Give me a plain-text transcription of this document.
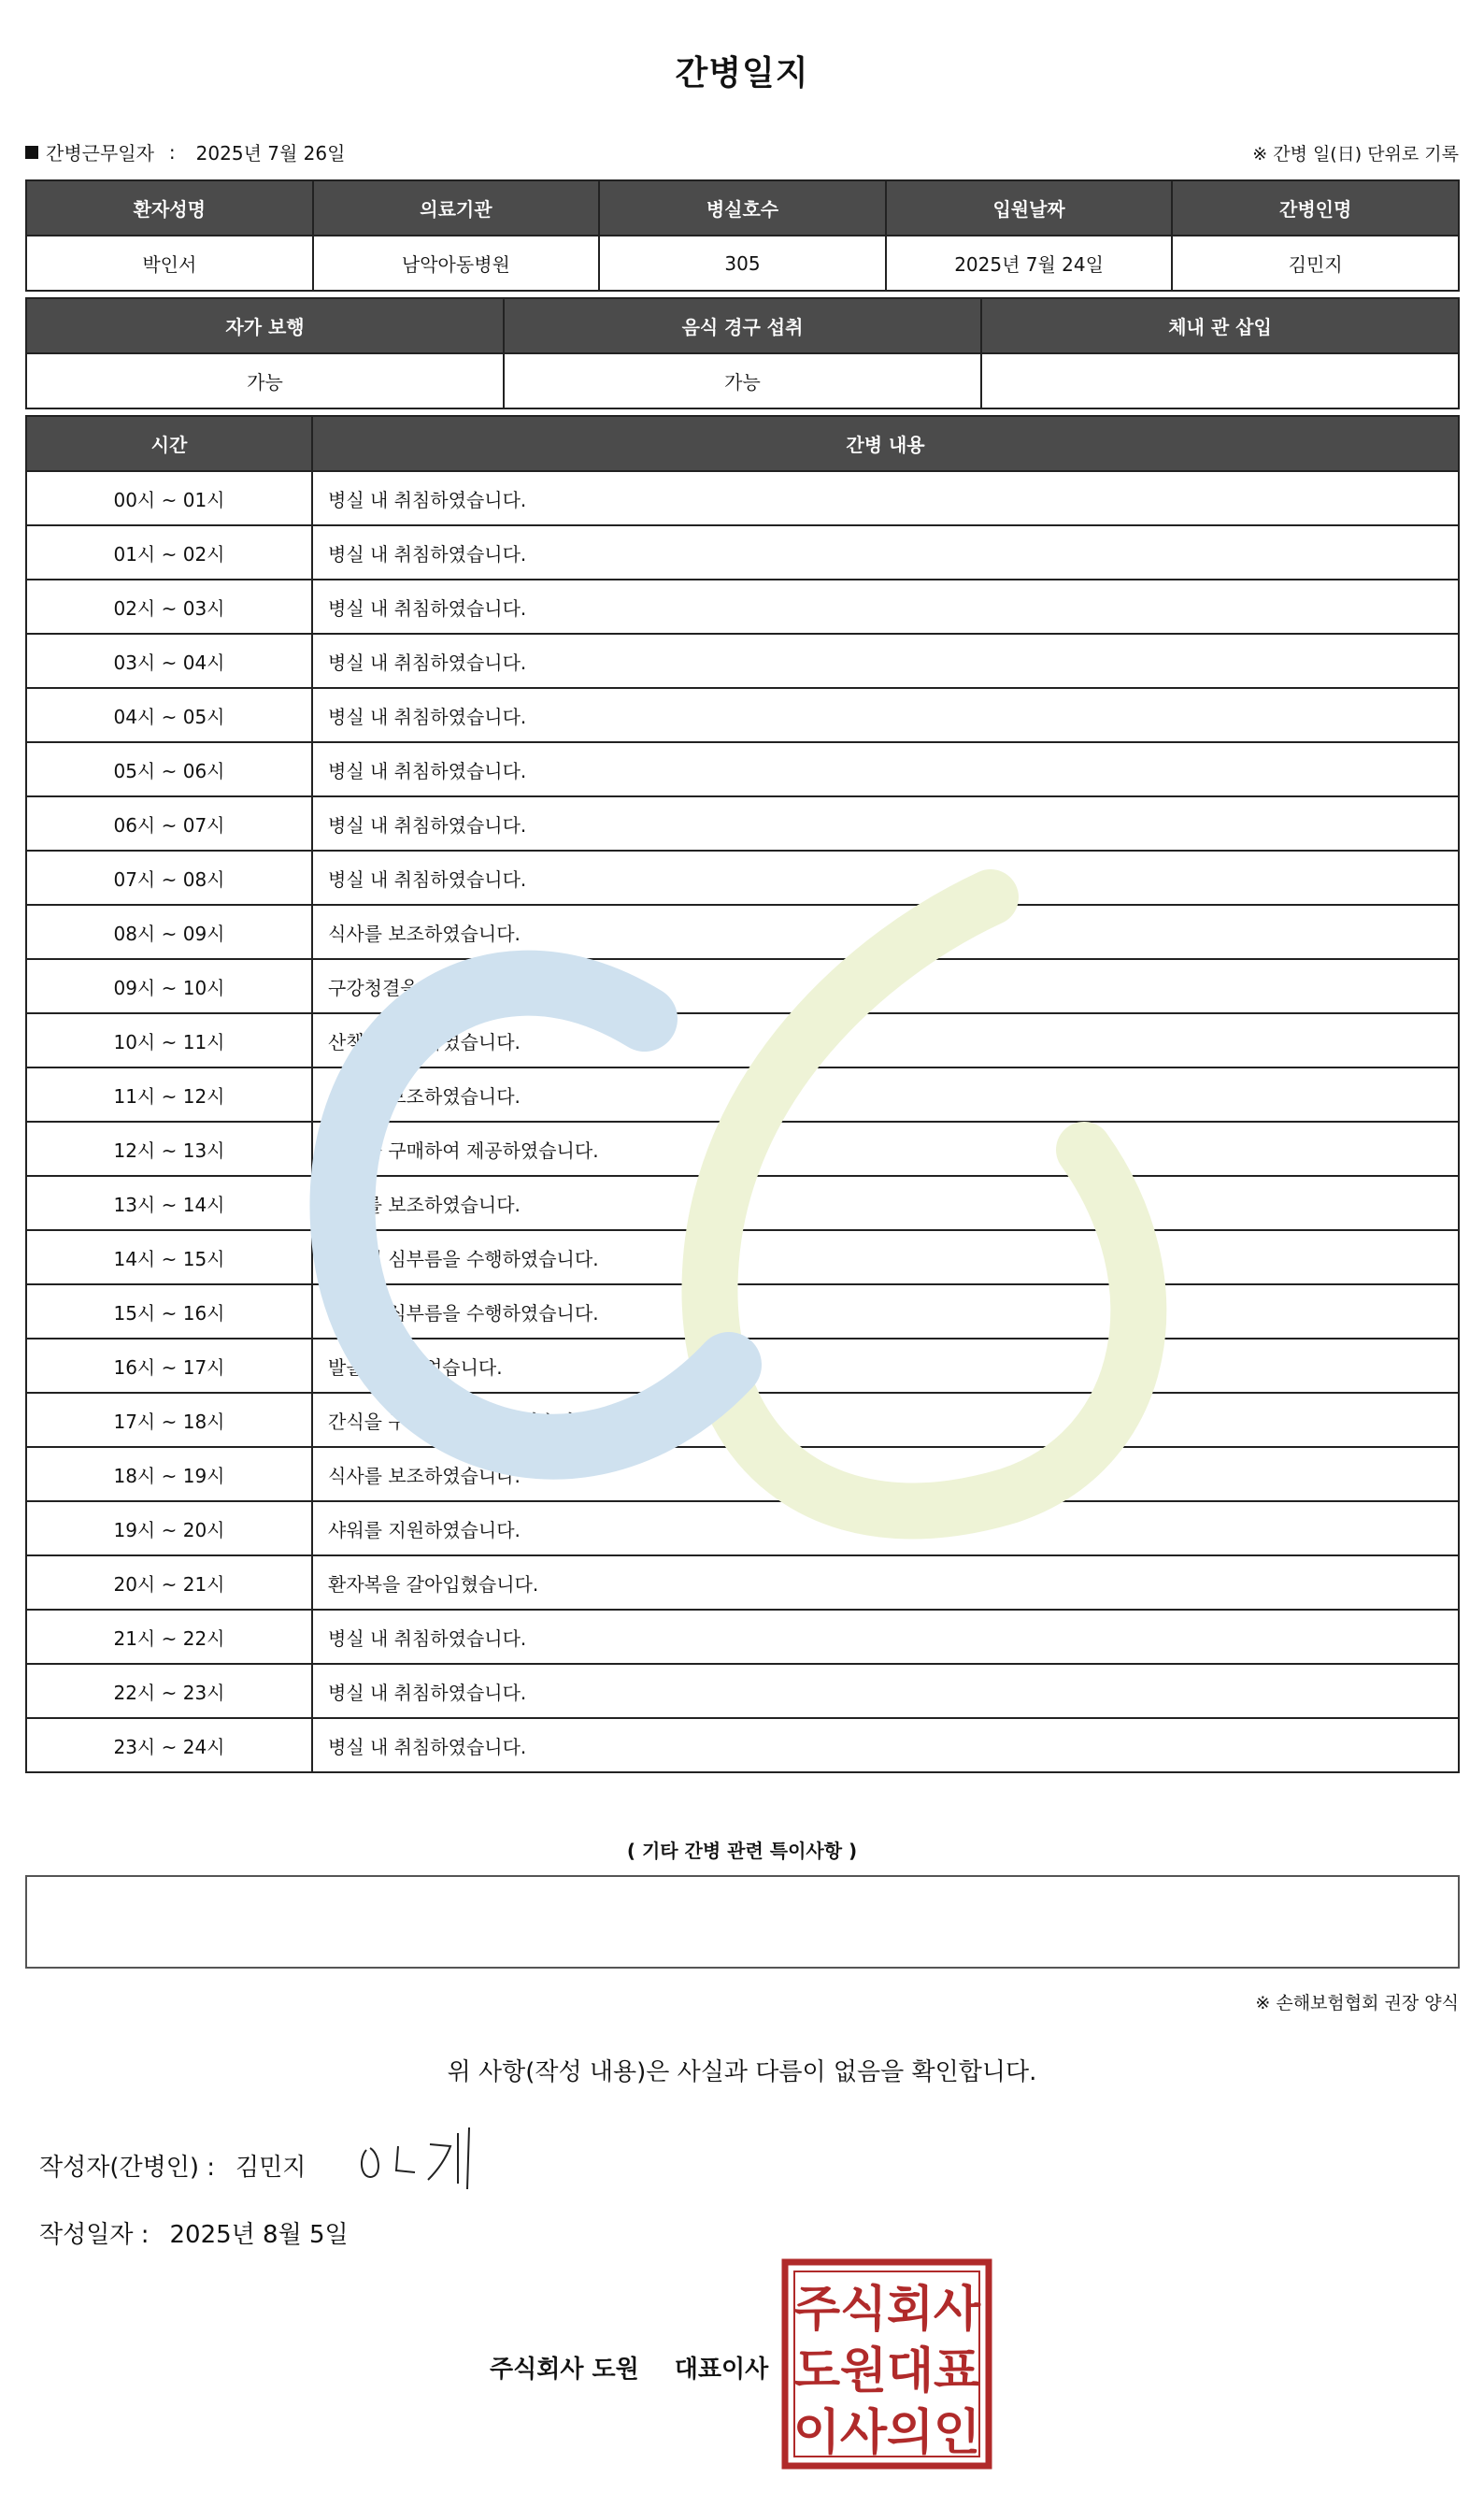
간병일지
간병근무일자 : 2025년 7월 26일	※ 간병 일(日) 단위로 기록
환자성명	의료기관	병실호수	입원날짜	간병인명
박인서	남악아동병원	305	2025년 7월 24일	김민지
자가 보행	음식 경구 섭취	체내 관 삽입
가능	가능	
시간	간병 내용
00시 ~ 01시	병실 내 취침하였습니다.
01시 ~ 02시	병실 내 취침하였습니다.
02시 ~ 03시	병실 내 취침하였습니다.
03시 ~ 04시	병실 내 취침하였습니다.
04시 ~ 05시	병실 내 취침하였습니다.
05시 ~ 06시	병실 내 취침하였습니다.
06시 ~ 07시	병실 내 취침하였습니다.
07시 ~ 08시	병실 내 취침하였습니다.
08시 ~ 09시	식사를 보조하였습니다.
09시 ~ 10시	구강청결을 지원하였습니다.
10시 ~ 11시	산책을 보조하였습니다.
11시 ~ 12시	산책을 보조하였습니다.
12시 ~ 13시	간식을 구매하여 제공하였습니다.
13시 ~ 14시	식사를 보조하였습니다.
14시 ~ 15시	환자의 심부름을 수행하였습니다.
15시 ~ 16시	환자의 심부름을 수행하였습니다.
16시 ~ 17시	발을 씻겨주었습니다.
17시 ~ 18시	간식을 구매하여 제공하였습니다.
18시 ~ 19시	식사를 보조하였습니다.
19시 ~ 20시	샤워를 지원하였습니다.
20시 ~ 21시	환자복을 갈아입혔습니다.
21시 ~ 22시	병실 내 취침하였습니다.
22시 ~ 23시	병실 내 취침하였습니다.
23시 ~ 24시	병실 내 취침하였습니다.
( 기타 간병 관련 특이사항 )
※ 손해보험협회 권장 양식
위 사항(작성 내용)은 사실과 다름이 없음을 확인합니다.
작성자(간병인) : 김민지
작성일자 : 2025년 8월 5일
주식회사 도원 대표이사
주 식 회 사
도 원 대 표
이 사 의 인
